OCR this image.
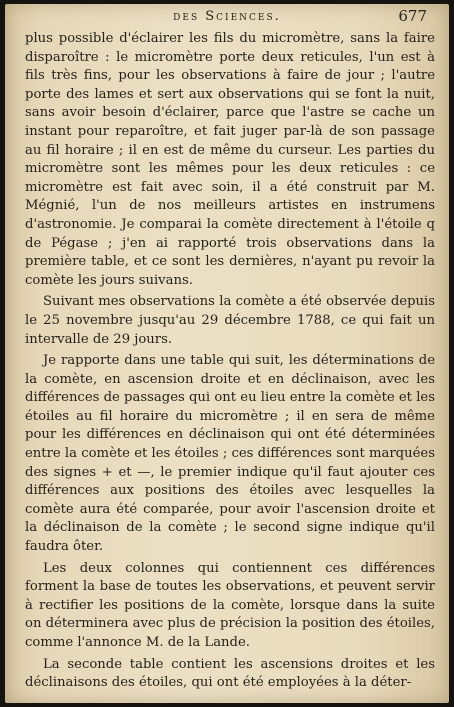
des Sciences.	677

plus possible d'éclairer les fils du micromètre, sans la faire disparoître : le micromètre porte deux reticules, l'un est à fils très fins, pour les observations à faire de jour ; l'autre porte des lames et sert aux observations qui se font la nuit, sans avoir besoin d'éclairer, parce que l'astre se cache un instant pour reparoître, et fait juger par-là de son passage au fil horaire ; il en est de même du curseur. Les parties du micromètre sont les mêmes pour les deux reticules : ce micromètre est fait avec soin, il a été construit par M. Mégnié, l'un de nos meilleurs artistes en instrumens d'astronomie. Je comparai la comète directement à l'étoile q de Pégase ; j'en ai rapporté trois observations dans la première table, et ce sont les dernières, n'ayant pu revoir la comète les jours suivans.

Suivant mes observations la comète a été observée depuis le 25 novembre jusqu'au 29 décembre 1788, ce qui fait un intervalle de 29 jours.

Je rapporte dans une table qui suit, les déterminations de la comète, en ascension droite et en déclinaison, avec les différences de passages qui ont eu lieu entre la comète et les étoiles au fil horaire du micromètre ; il en sera de même pour les différences en déclinaison qui ont été déterminées entre la comète et les étoiles ; ces différences sont marquées des signes + et —, le premier indique qu'il faut ajouter ces différences aux positions des étoiles avec lesquelles la comète aura été comparée, pour avoir l'ascension droite et la déclinaison de la comète ; le second signe indique qu'il faudra ôter.

Les deux colonnes qui contiennent ces différences forment la base de toutes les observations, et peuvent servir à rectifier les positions de la comète, lorsque dans la suite on déterminera avec plus de précision la position des étoiles, comme l'annonce M. de la Lande.

La seconde table contient les ascensions droites et les déclinaisons des étoiles, qui ont été employées à la déter-
